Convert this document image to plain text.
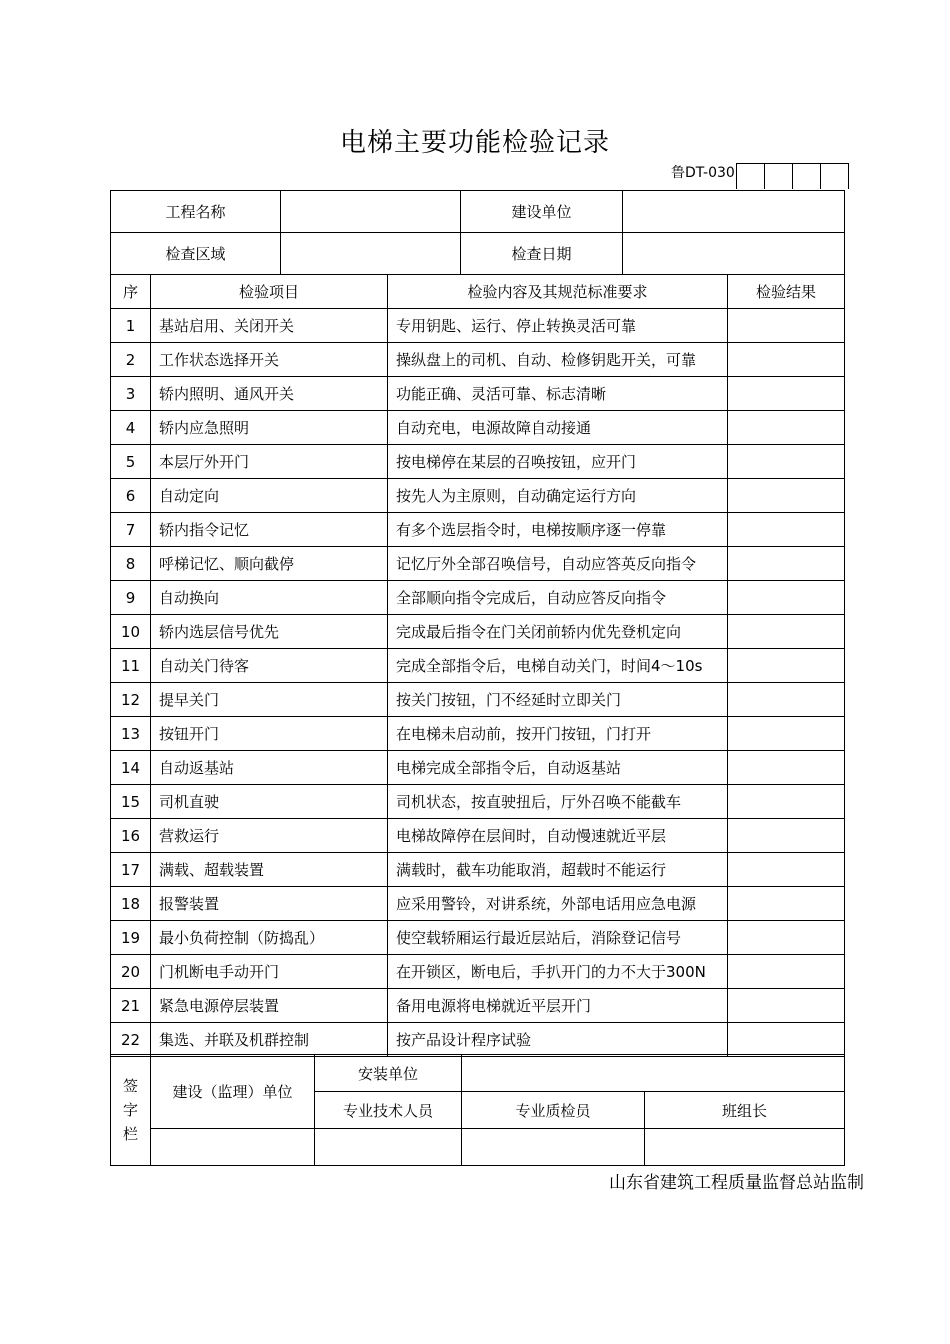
电梯主要功能检验记录
鲁DT-030
工程名称		建设单位	
检查区域		检查日期	
序	检验项目	检验内容及其规范标准要求	检验结果
1	基站启用、关闭开关	专用钥匙、运行、停止转换灵活可靠	
2	工作状态选择开关	操纵盘上的司机、自动、检修钥匙开关，可靠	
3	轿内照明、通风开关	功能正确、灵活可靠、标志清晰	
4	轿内应急照明	自动充电，电源故障自动接通	
5	本层厅外开门	按电梯停在某层的召唤按钮，应开门	
6	自动定向	按先人为主原则，自动确定运行方向	
7	轿内指令记忆	有多个选层指令时，电梯按顺序逐一停靠	
8	呼梯记忆、顺向截停	记忆厅外全部召唤信号，自动应答英反向指令	
9	自动换向	全部顺向指令完成后，自动应答反向指令	
10	轿内选层信号优先	完成最后指令在门关闭前轿内优先登机定向	
11	自动关门待客	完成全部指令后，电梯自动关门，时间4～10s	
12	提早关门	按关门按钮，门不经延时立即关门	
13	按钮开门	在电梯未启动前，按开门按钮，门打开	
14	自动返基站	电梯完成全部指令后，自动返基站	
15	司机直驶	司机状态，按直驶扭后，厅外召唤不能截车	
16	营救运行	电梯故障停在层间时，自动慢速就近平层	
17	满载、超载装置	满载时，截车功能取消，超载时不能运行	
18	报警装置	应采用警铃，对讲系统，外部电话用应急电源	
19	最小负荷控制（防捣乱）	使空载轿厢运行最近层站后，消除登记信号	
20	门机断电手动开门	在开锁区，断电后，手扒开门的力不大于300N	
21	紧急电源停层装置	备用电源将电梯就近平层开门	
22	集选、并联及机群控制	按产品设计程序试验	
签
字
栏	建设（监理）单位	安装单位		
		专业技术人员	专业质检员	班组长

山东省建筑工程质量监督总站监制
